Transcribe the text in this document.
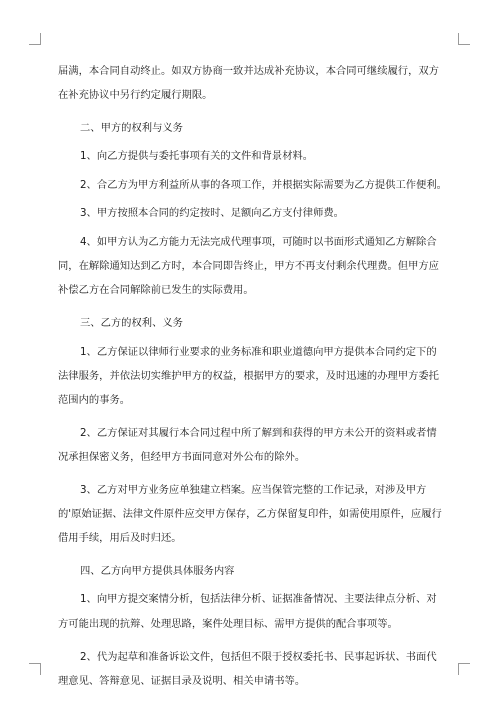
届满，本合同自动终止。如双方协商一致并达成补充协议，本合同可继续履行，双方
在补充协议中另行约定履行期限。
二、甲方的权利与义务
1、向乙方提供与委托事项有关的文件和背景材料。
2、合乙方为甲方利益所从事的各项工作，并根据实际需要为乙方提供工作便利。
3、甲方按照本合同的约定按时、足额向乙方支付律师费。
4、如甲方认为乙方能力无法完成代理事项，可随时以书面形式通知乙方解除合
同，在解除通知达到乙方时，本合同即告终止，甲方不再支付剩余代理费。但甲方应
补偿乙方在合同解除前已发生的实际费用。
三、乙方的权利、义务
1、乙方保证以律师行业要求的业务标准和职业道德向甲方提供本合同约定下的
法律服务，并依法切实维护甲方的权益，根据甲方的要求，及时迅速的办理甲方委托
范围内的事务。
2、乙方保证对其履行本合同过程中所了解到和获得的甲方未公开的资料或者情
况承担保密义务，但经甲方书面同意对外公布的除外。
3、乙方对甲方业务应单独建立档案。应当保管完整的工作记录，对涉及甲方
的'原始证据、法律文件原件应交甲方保存，乙方保留复印件，如需使用原件，应履行
借用手续，用后及时归还。
四、乙方向甲方提供具体服务内容
1、向甲方提交案情分析，包括法律分析、证据准备情况、主要法律点分析、对
方可能出现的抗辩、处理思路，案件处理目标、需甲方提供的配合事项等。
2、代为起草和准备诉讼文件，包括但不限于授权委托书、民事起诉状、书面代
理意见、答辩意见、证据目录及说明、相关申请书等。
